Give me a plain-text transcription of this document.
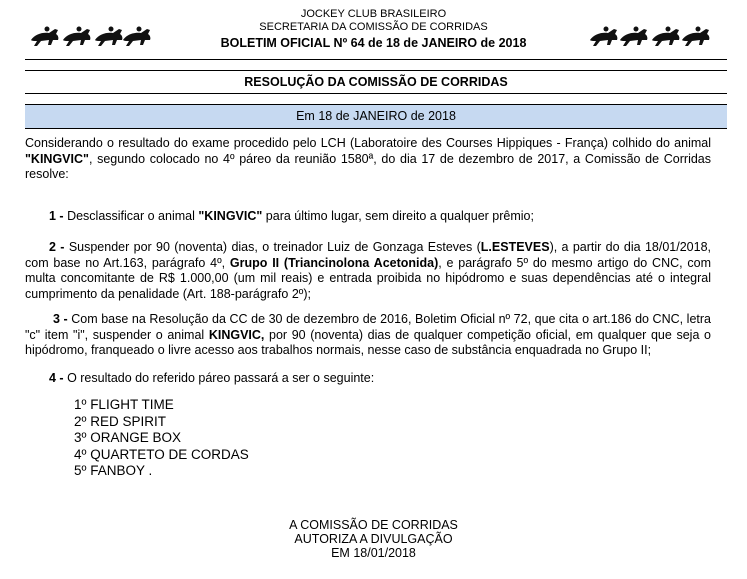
JOCKEY CLUB BRASILEIRO
SECRETARIA DA COMISSÃO DE CORRIDAS
BOLETIM OFICIAL Nº 64 de 18 de JANEIRO de 2018
RESOLUÇÃO DA COMISSÃO DE CORRIDAS
Em 18 de JANEIRO de 2018
Considerando o resultado do exame procedido pelo LCH (Laboratoire des Courses Hippiques - França) colhido do animal "KINGVIC", segundo colocado no 4º páreo da reunião 1580ª, do dia 17 de dezembro de 2017, a Comissão de Corridas resolve:
1 - Desclassificar o animal "KINGVIC" para último lugar, sem direito a qualquer prêmio;
2 - Suspender por 90 (noventa) dias, o treinador Luiz de Gonzaga Esteves (L.ESTEVES), a partir do dia 18/01/2018, com base no Art.163, parágrafo 4º, Grupo II (Triancinolona Acetonida), e parágrafo 5º do mesmo artigo do CNC, com multa concomitante de R$ 1.000,00 (um mil reais) e entrada proibida no hipódromo e suas dependências até o integral cumprimento da penalidade (Art. 188-parágrafo 2º);
3 - Com base na Resolução da CC de 30 de dezembro de 2016, Boletim Oficial nº 72, que cita o art.186 do CNC, letra "c" item "i", suspender o animal KINGVIC, por 90 (noventa) dias de qualquer competição oficial, em qualquer que seja o hipódromo, franqueado o livre acesso aos trabalhos normais, nesse caso de substância enquadrada no Grupo II;
4 - O resultado do referido páreo passará a ser o seguinte:
1º FLIGHT TIME
2º RED SPIRIT
3º ORANGE BOX
4º QUARTETO DE CORDAS
5º FANBOY .
A COMISSÃO DE CORRIDAS
AUTORIZA A DIVULGAÇÃO
EM 18/01/2018
